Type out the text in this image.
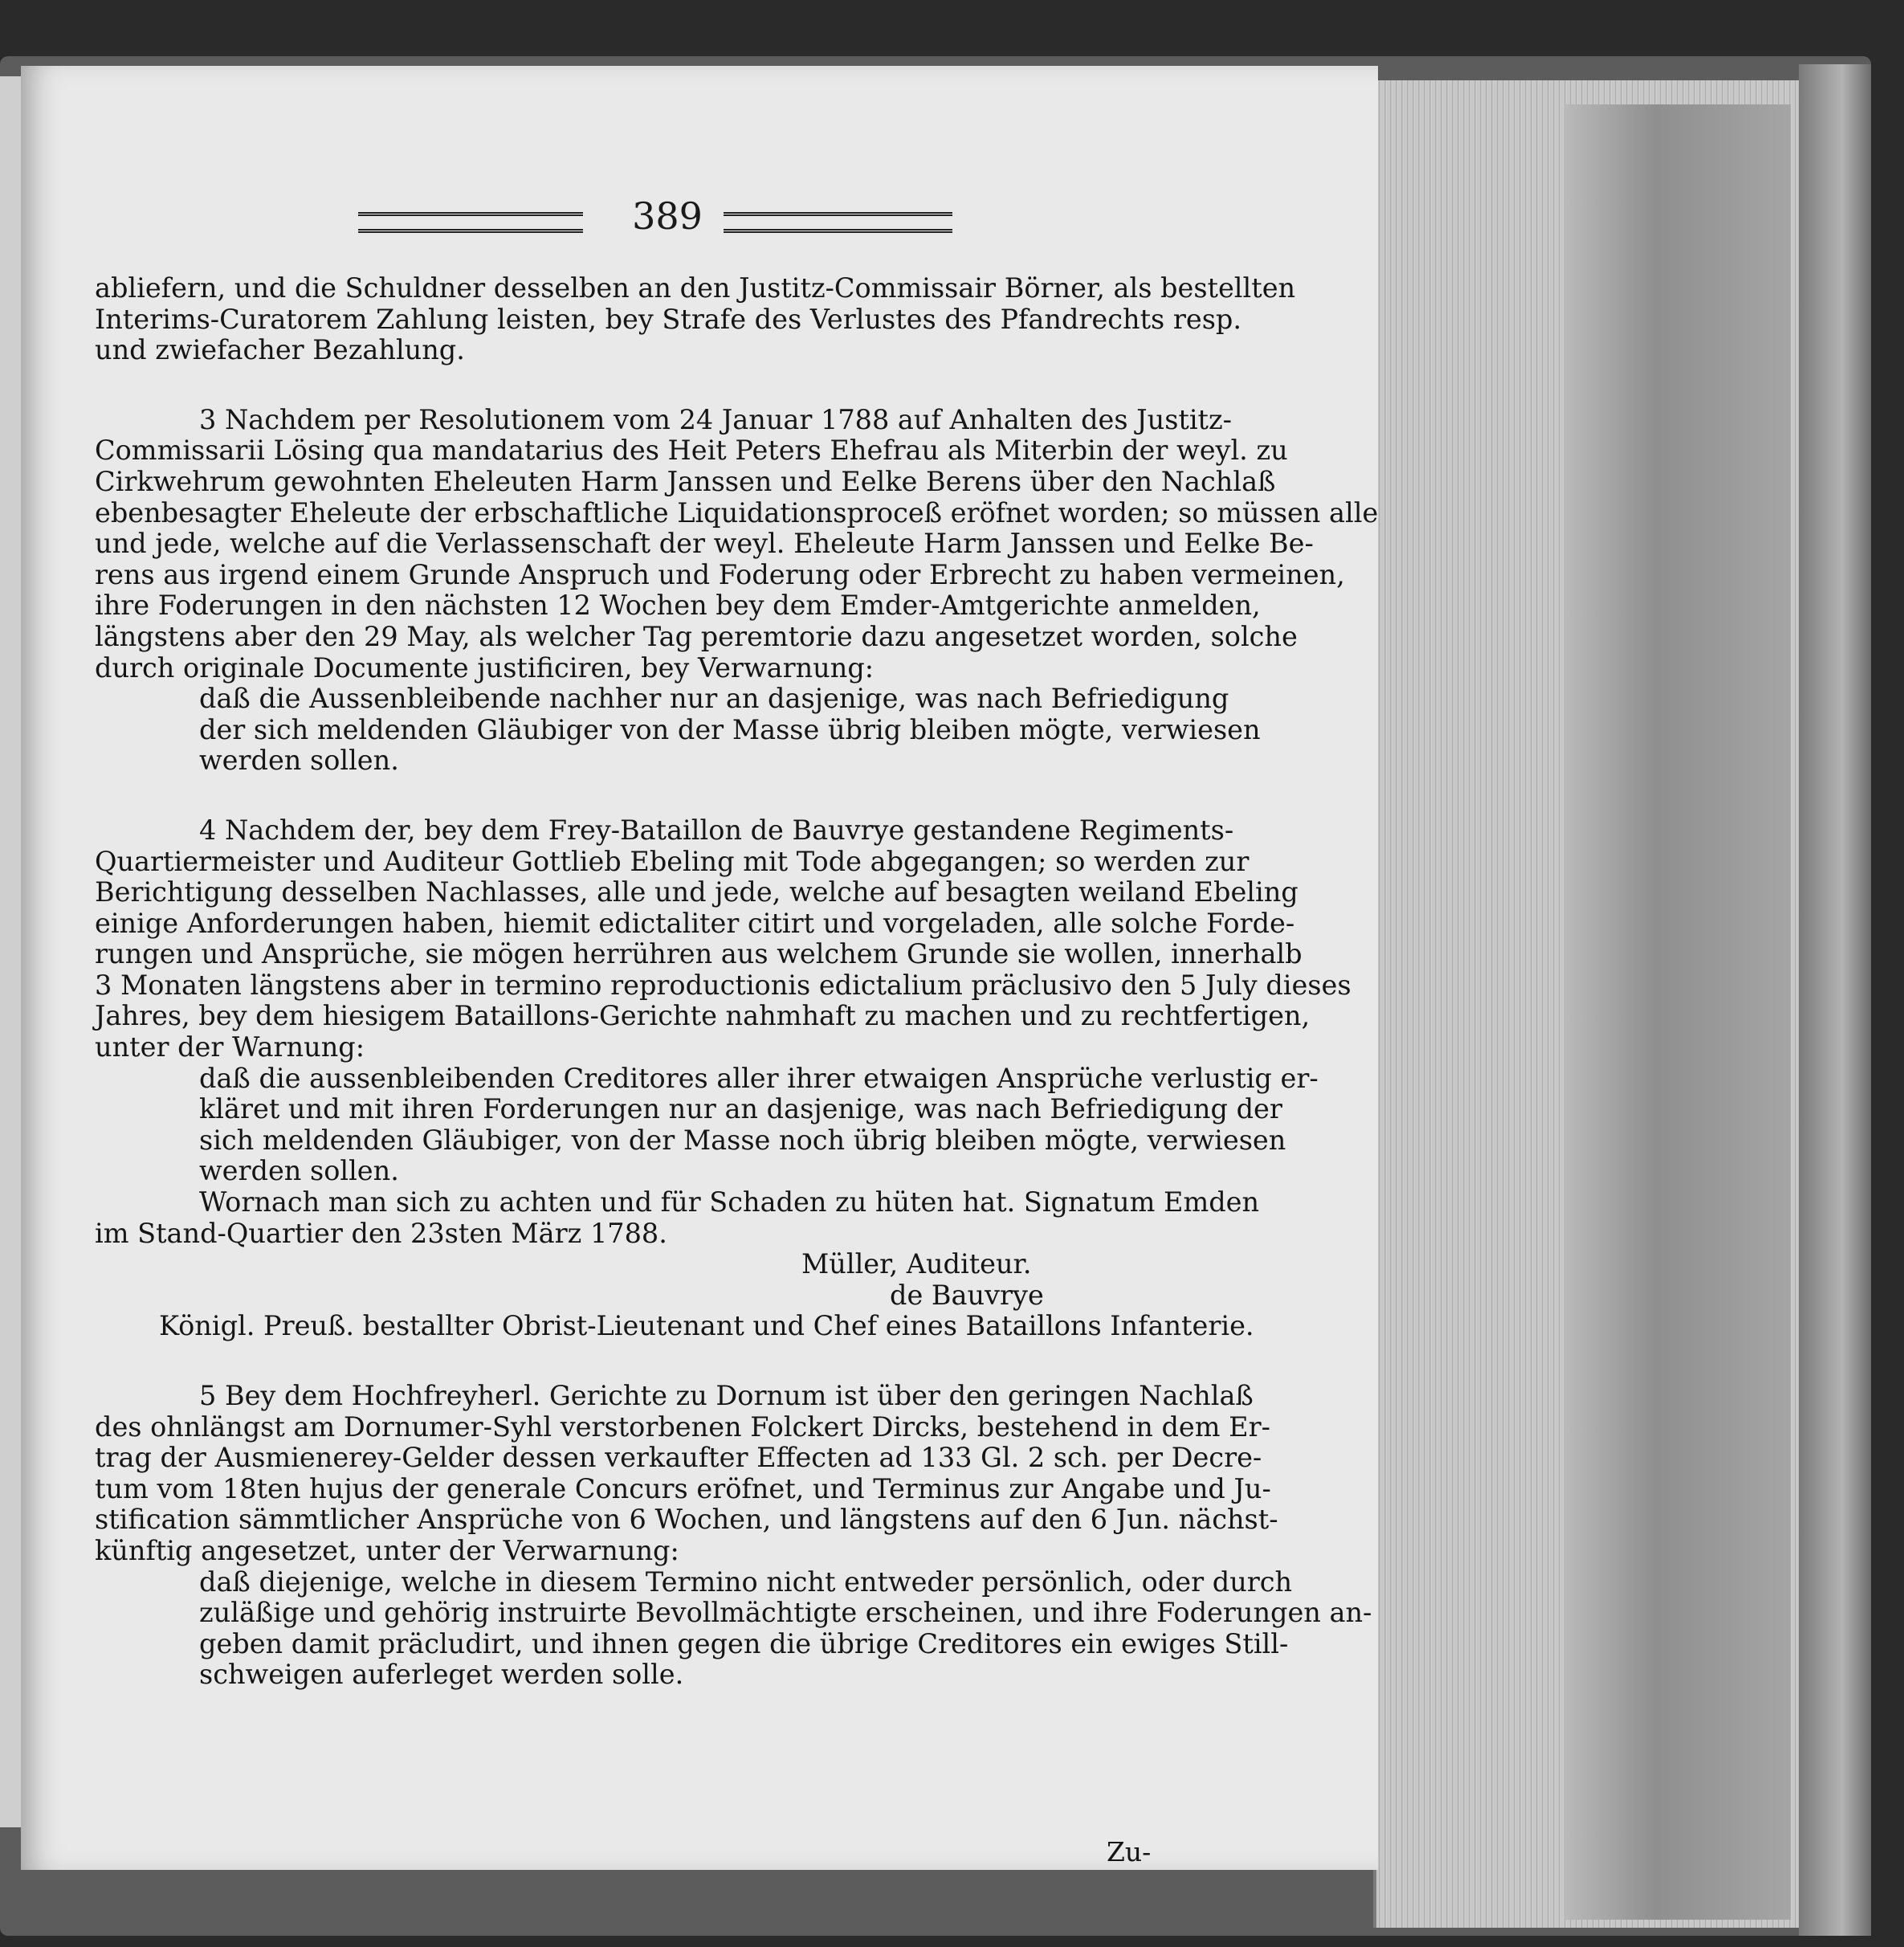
389
abliefern, und die Schuldner desselben an den Justitz-Commissair Börner, als bestellten
Interims-Curatorem Zahlung leisten, bey Strafe des Verlustes des Pfandrechts resp.
und zwiefacher Bezahlung.
3 Nachdem per Resolutionem vom 24 Januar 1788 auf Anhalten des Justitz-
Commissarii Lösing qua mandatarius des Heit Peters Ehefrau als Miterbin der weyl. zu
Cirkwehrum gewohnten Eheleuten Harm Janssen und Eelke Berens über den Nachlaß
ebenbesagter Eheleute der erbschaftliche Liquidationsproceß eröfnet worden; so müssen alle
und jede, welche auf die Verlassenschaft der weyl. Eheleute Harm Janssen und Eelke Be-
rens aus irgend einem Grunde Anspruch und Foderung oder Erbrecht zu haben vermeinen,
ihre Foderungen in den nächsten 12 Wochen bey dem Emder-Amtgerichte anmelden,
längstens aber den 29 May, als welcher Tag peremtorie dazu angesetzet worden, solche
durch originale Documente justificiren, bey Verwarnung:
daß die Aussenbleibende nachher nur an dasjenige, was nach Befriedigung
der sich meldenden Gläubiger von der Masse übrig bleiben mögte, verwiesen
werden sollen.
4 Nachdem der, bey dem Frey-Bataillon de Bauvrye gestandene Regiments-
Quartiermeister und Auditeur Gottlieb Ebeling mit Tode abgegangen; so werden zur
Berichtigung desselben Nachlasses, alle und jede, welche auf besagten weiland Ebeling
einige Anforderungen haben, hiemit edictaliter citirt und vorgeladen, alle solche Forde-
rungen und Ansprüche, sie mögen herrühren aus welchem Grunde sie wollen, innerhalb
3 Monaten längstens aber in termino reproductionis edictalium präclusivo den 5 July dieses
Jahres, bey dem hiesigem Bataillons-Gerichte nahmhaft zu machen und zu rechtfertigen,
unter der Warnung:
daß die aussenbleibenden Creditores aller ihrer etwaigen Ansprüche verlustig er-
kläret und mit ihren Forderungen nur an dasjenige, was nach Befriedigung der
sich meldenden Gläubiger, von der Masse noch übrig bleiben mögte, verwiesen
werden sollen.
Wornach man sich zu achten und für Schaden zu hüten hat. Signatum Emden
im Stand-Quartier den 23sten März 1788.
Müller, Auditeur.
de Bauvrye
Königl. Preuß. bestallter Obrist-Lieutenant und Chef eines Bataillons Infanterie.
5 Bey dem Hochfreyherl. Gerichte zu Dornum ist über den geringen Nachlaß
des ohnlängst am Dornumer-Syhl verstorbenen Folckert Dircks, bestehend in dem Er-
trag der Ausmienerey-Gelder dessen verkaufter Effecten ad 133 Gl. 2 sch. per Decre-
tum vom 18ten hujus der generale Concurs eröfnet, und Terminus zur Angabe und Ju-
stification sämmtlicher Ansprüche von 6 Wochen, und längstens auf den 6 Jun. nächst-
künftig angesetzet, unter der Verwarnung:
daß diejenige, welche in diesem Termino nicht entweder persönlich, oder durch
zuläßige und gehörig instruirte Bevollmächtigte erscheinen, und ihre Foderungen an-
geben damit präcludirt, und ihnen gegen die übrige Creditores ein ewiges Still-
schweigen auferleget werden solle.
Zu-
